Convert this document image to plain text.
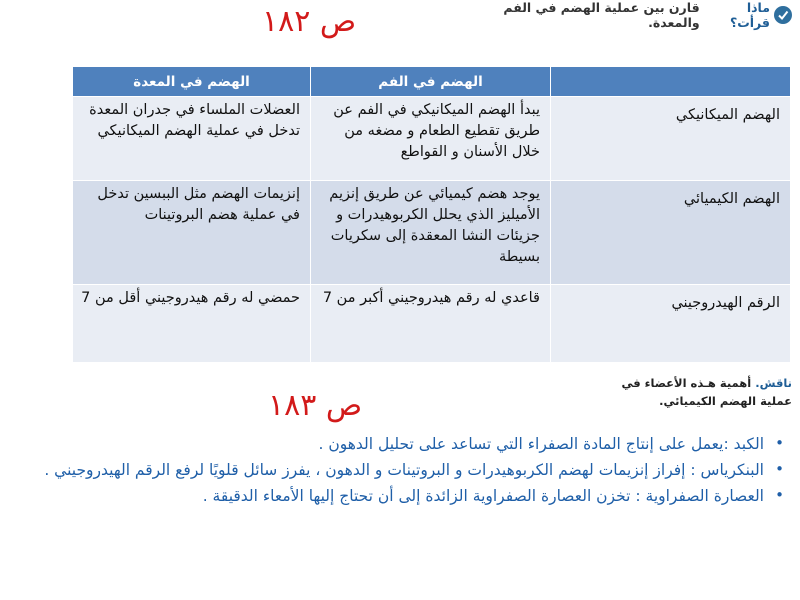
ماذا قرأت؟
قارن بين عملية الهضم في الفم والمعدة.
ص ١٨٢
	الهضم في الفم	الهضم في المعدة
الهضم الميكانيكي	يبدأ الهضم الميكانيكي في الفم عن طريق تقطيع الطعام و مضغه من خلال الأسنان و القواطع	العضلات الملساء في جدران المعدة تدخل في عملية الهضم الميكانيكي
الهضم الكيميائي	يوجد هضم كيميائي عن طريق إنزيم الأميليز الذي يحلل الكربوهيدرات و جزيئات النشا المعقدة إلى سكريات بسيطة	إنزيمات الهضم مثل الببسين تدخل في عملية هضم البروتينات
الرقم الهيدروجيني	قاعدي له رقم هيدروجيني أكبر من 7	حمضي له رقم هيدروجيني أقل من 7
ناقش. أهمية هـذه الأعضاء في عملية الهضم الكيميائي.
ص ١٨٣
•
الكبد :يعمل على إنتاج المادة الصفراء التي تساعد على تحليل الدهون .
•
البنكرياس : إفراز إنزيمات لهضم الكربوهيدرات و البروتينات و الدهون ، يفرز سائل قلويًا لرفع الرقم الهيدروجيني .
•
العصارة الصفراوية : تخزن العصارة الصفراوية الزائدة إلى أن تحتاج إليها الأمعاء الدقيقة .
